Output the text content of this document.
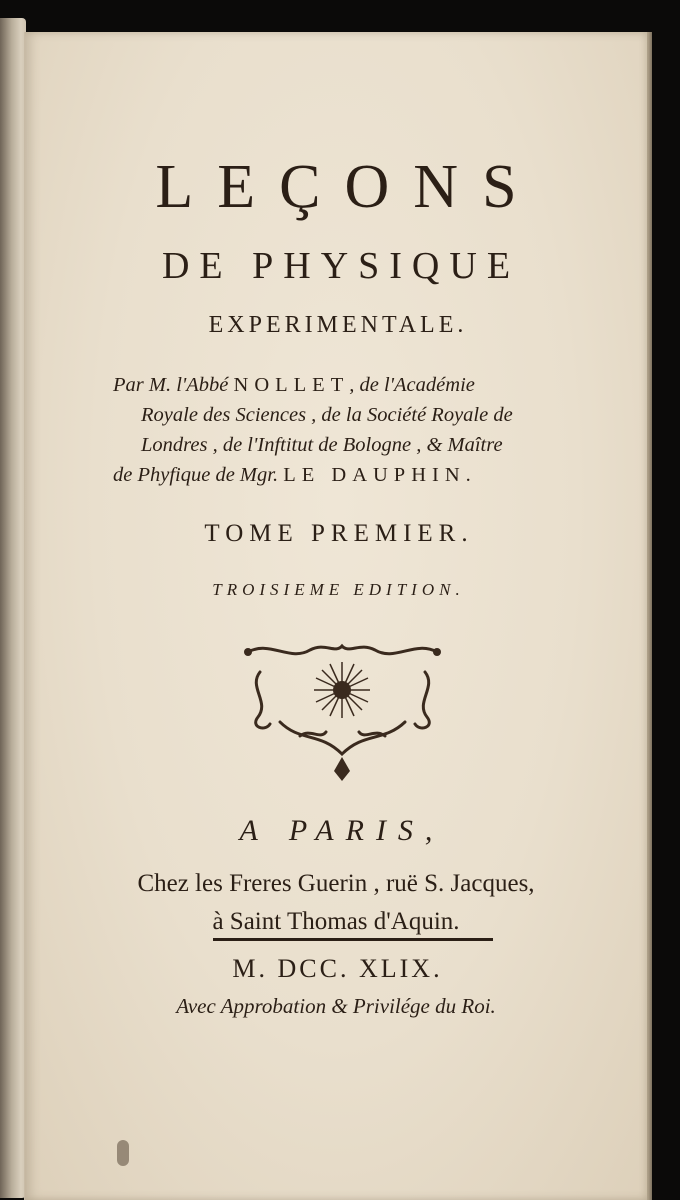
LEÇONS
DE PHYSIQUE
EXPERIMENTALE.
Par M. l'Abbé NOLLET, de l'Académie
Royale des Sciences , de la Société Royale de
Londres , de l'Inftitut de Bologne , & Maître
de Phyfique de Mgr. LE DAUPHIN.
TOME PREMIER.
TROISIEME EDITION.
A PARIS,
Chez les Freres Guerin , ruë S. Jacques,
à Saint Thomas d'Aquin.
M. DCC. XLIX.
Avec Approbation & Privilége du Roi.
